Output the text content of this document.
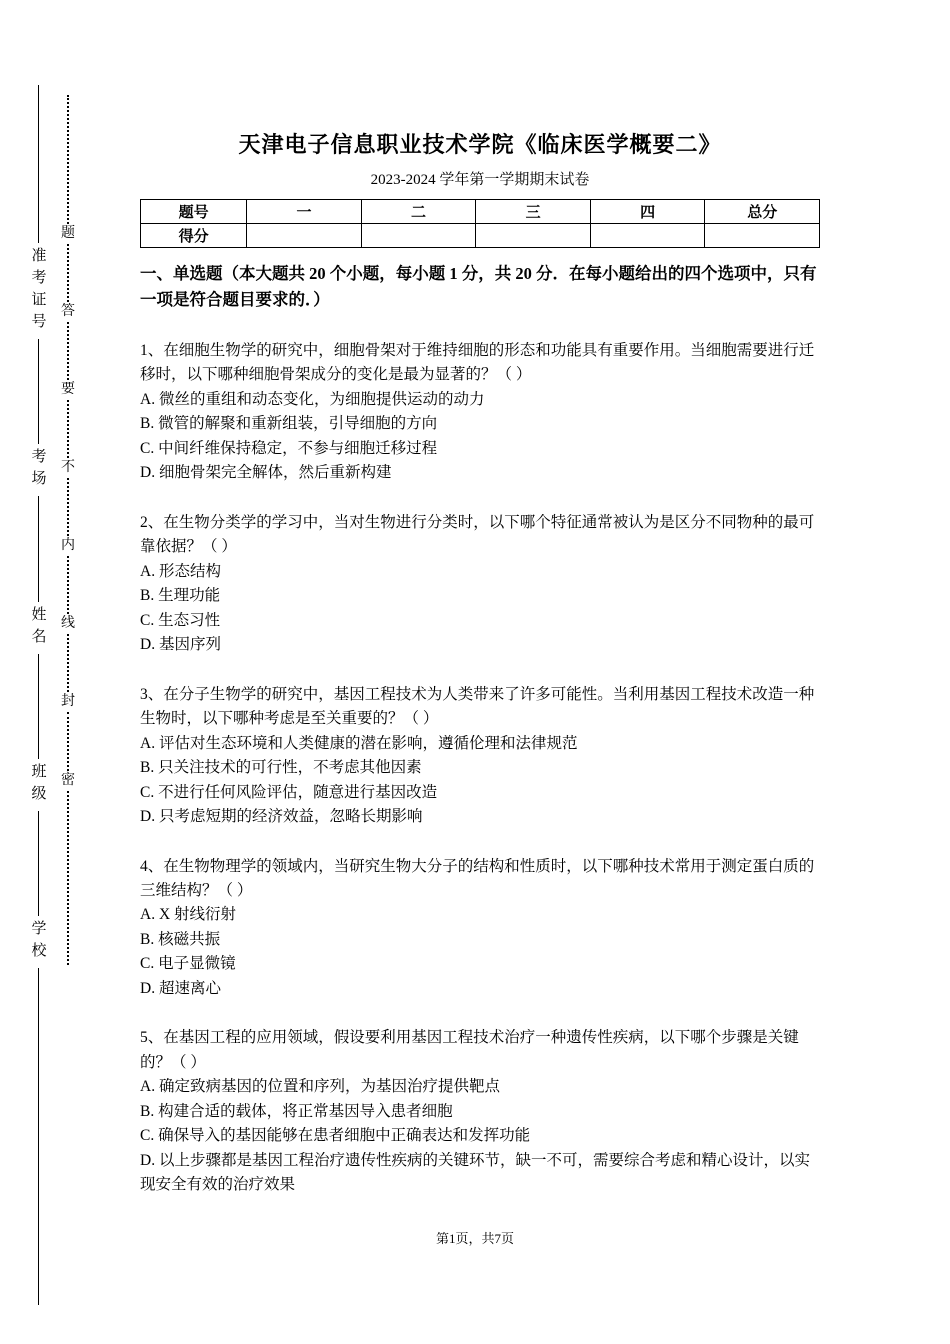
准考证号
考场
姓名
班级
学校
题
答
要
不
内
线
封
密
天津电子信息职业技术学院《临床医学概要二》
2023-2024 学年第一学期期末试卷
题号	一	二	三	四	总分
得分					
一、单选题（本大题共 20 个小题，每小题 1 分，共 20 分．在每小题给出的四个选项中，只有一项是符合题目要求的．）

1、在细胞生物学的研究中，细胞骨架对于维持细胞的形态和功能具有重要作用。当细胞需要进行迁移时，以下哪种细胞骨架成分的变化是最为显著的？（ ）

A. 微丝的重组和动态变化，为细胞提供运动的动力

B. 微管的解聚和重新组装，引导细胞的方向

C. 中间纤维保持稳定，不参与细胞迁移过程

D. 细胞骨架完全解体，然后重新构建

2、在生物分类学的学习中，当对生物进行分类时，以下哪个特征通常被认为是区分不同物种的最可靠依据？（ ）

A. 形态结构

B. 生理功能

C. 生态习性

D. 基因序列

3、在分子生物学的研究中，基因工程技术为人类带来了许多可能性。当利用基因工程技术改造一种生物时，以下哪种考虑是至关重要的？（ ）

A. 评估对生态环境和人类健康的潜在影响，遵循伦理和法律规范

B. 只关注技术的可行性，不考虑其他因素

C. 不进行任何风险评估，随意进行基因改造

D. 只考虑短期的经济效益，忽略长期影响

4、在生物物理学的领域内，当研究生物大分子的结构和性质时，以下哪种技术常用于测定蛋白质的三维结构？（ ）

A. X 射线衍射

B. 核磁共振

C. 电子显微镜

D. 超速离心

5、在基因工程的应用领域，假设要利用基因工程技术治疗一种遗传性疾病，以下哪个步骤是关键的？（ ）

A. 确定致病基因的位置和序列，为基因治疗提供靶点

B. 构建合适的载体，将正常基因导入患者细胞

C. 确保导入的基因能够在患者细胞中正确表达和发挥功能

D. 以上步骤都是基因工程治疗遗传性疾病的关键环节，缺一不可，需要综合考虑和精心设计，以实现安全有效的治疗效果

第1页，共7页
